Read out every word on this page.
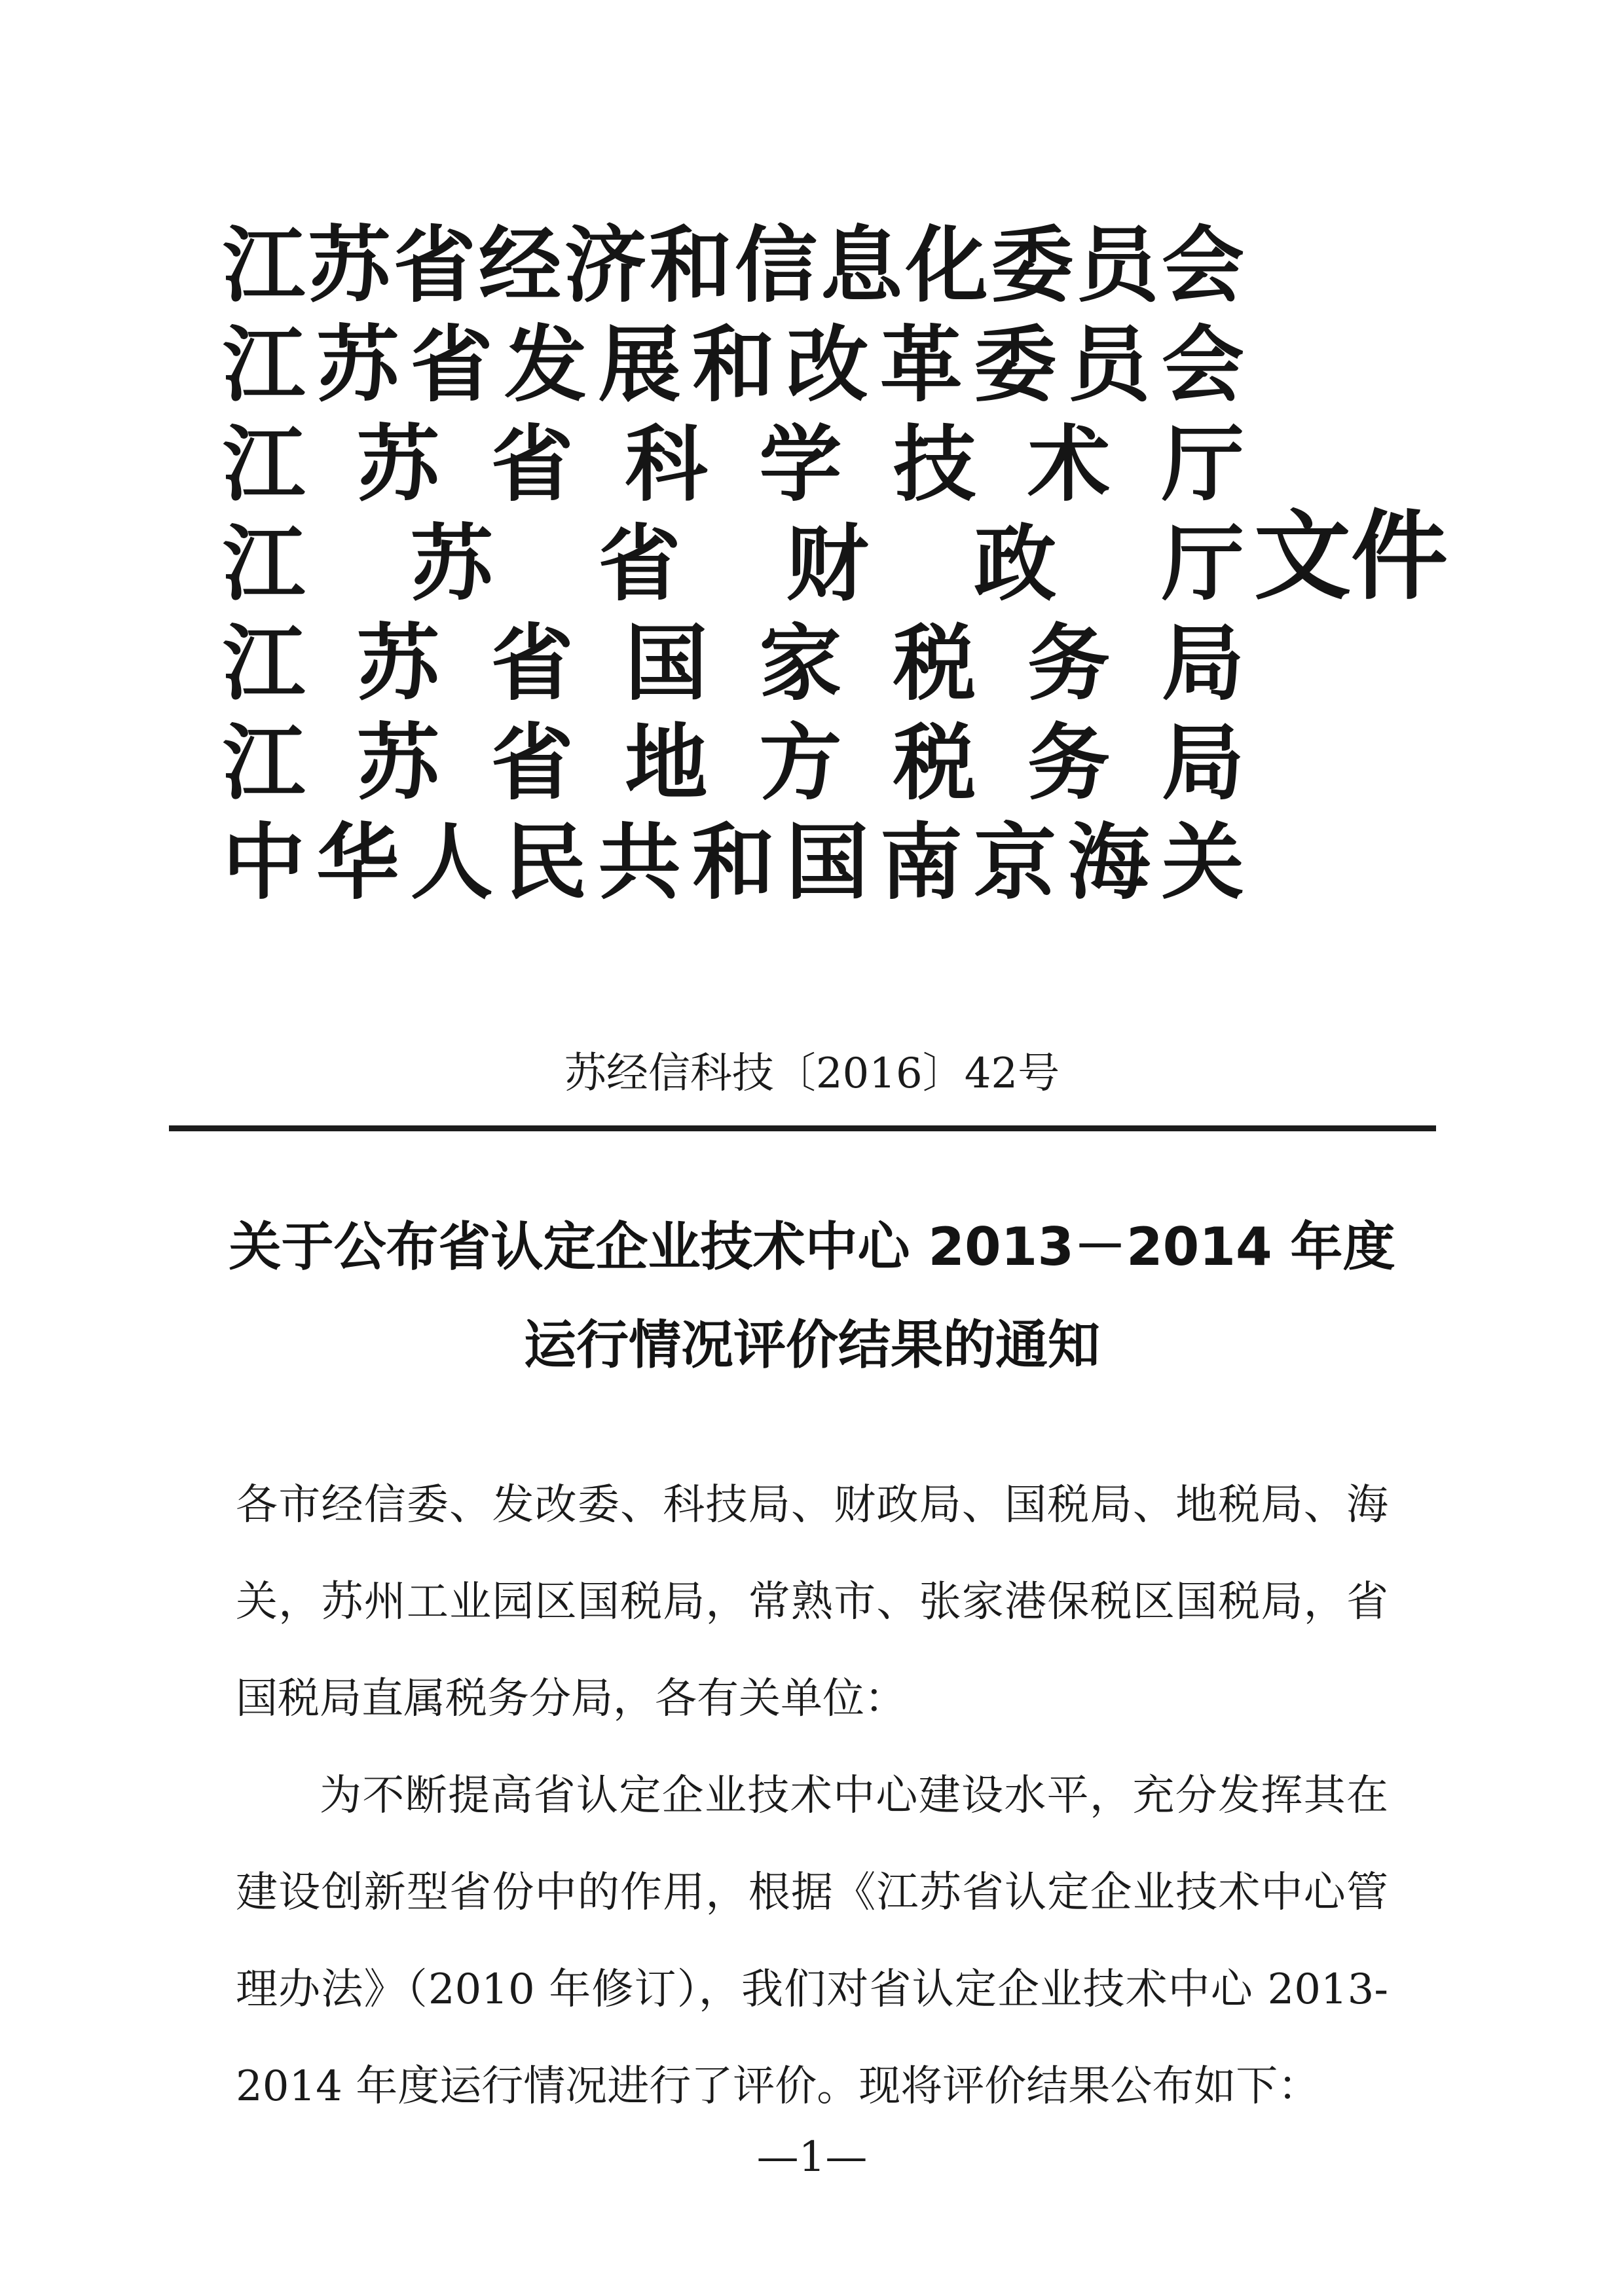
江 苏 省 经 济 和 信 息 化 委 员 会
江 苏 省 发 展 和 改 革 委 员 会
江 苏 省 科 学 技 术 厅
江 苏 省 财 政 厅
江 苏 省 国 家 税 务 局
江 苏 省 地 方 税 务 局
中 华 人 民 共 和 国 南 京 海 关
文件
苏经信科技〔2016〕42号
关于公布省认定企业技术中心 2013－2014 年度
运行情况评价结果的通知

各市经信委、发改委、科技局、财政局、国税局、地税局、海关，苏州工业园区国税局，常熟市、张家港保税区国税局，省国税局直属税务分局，各有关单位：

为不断提高省认定企业技术中心建设水平，充分发挥其在建设创新型省份中的作用，根据《江苏省认定企业技术中心管理办法》（2010 年修订），我们对省认定企业技术中心 2013-2014 年度运行情况进行了评价。现将评价结果公布如下：

—1—
